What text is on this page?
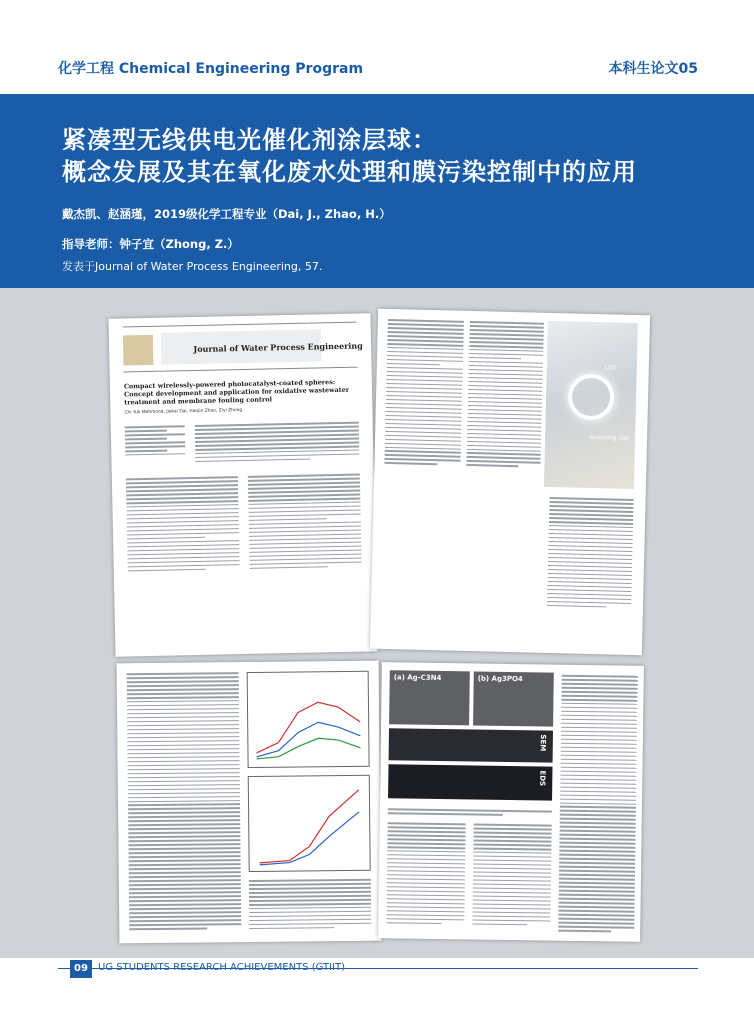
化学工程 Chemical Engineering Program	本科生论文05
紧凑型无线供电光催化剂涂层球：
概念发展及其在氧化废水处理和膜污染控制中的应用
戴杰凯、赵涵瑾，2019级化学工程专业（Dai, J., Zhao, H.）
指导老师：钟子宜（Zhong, Z.）
发表于Journal of Water Process Engineering, 57.
Journal of Water Process Engineering
Compact wirelessly-powered photocatalyst-coated spheres: Concept development and application for oxidative wastewater treatment and membrane fouling control
Chi Yuk Mehmood, Jiekai Dai, Hanjin Zhao, Ziyi Zhong
LED
receiving coil
(a) Ag-C3N4	(b) Ag3PO4
SEM
EDS
09	UG STUDENTS RESEARCH ACHIEVEMENTS (GTIIT)
